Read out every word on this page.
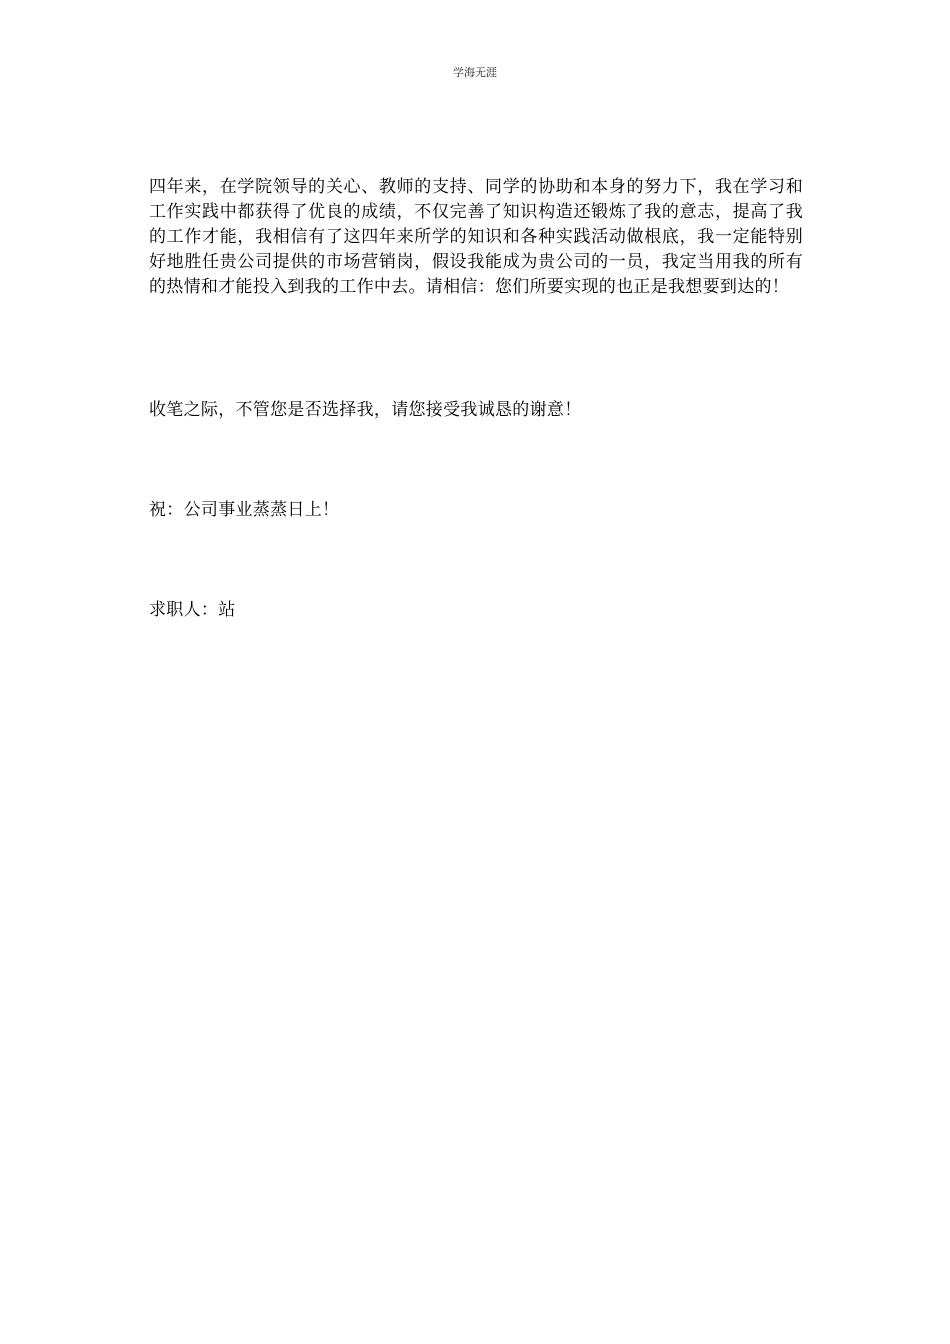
学海无涯

四年来，在学院领导的关心、教师的支持、同学的协助和本身的努力下，我在学习和工作实践中都获得了优良的成绩，不仅完善了知识构造还锻炼了我的意志，提高了我的工作才能，我相信有了这四年来所学的知识和各种实践活动做根底，我一定能特别好地胜任贵公司提供的市场营销岗，假设我能成为贵公司的一员，我定当用我的所有的热情和才能投入到我的工作中去。请相信：您们所要实现的也正是我想要到达的！

收笔之际，不管您是否选择我，请您接受我诚恳的谢意！

祝：公司事业蒸蒸日上！

求职人：站
